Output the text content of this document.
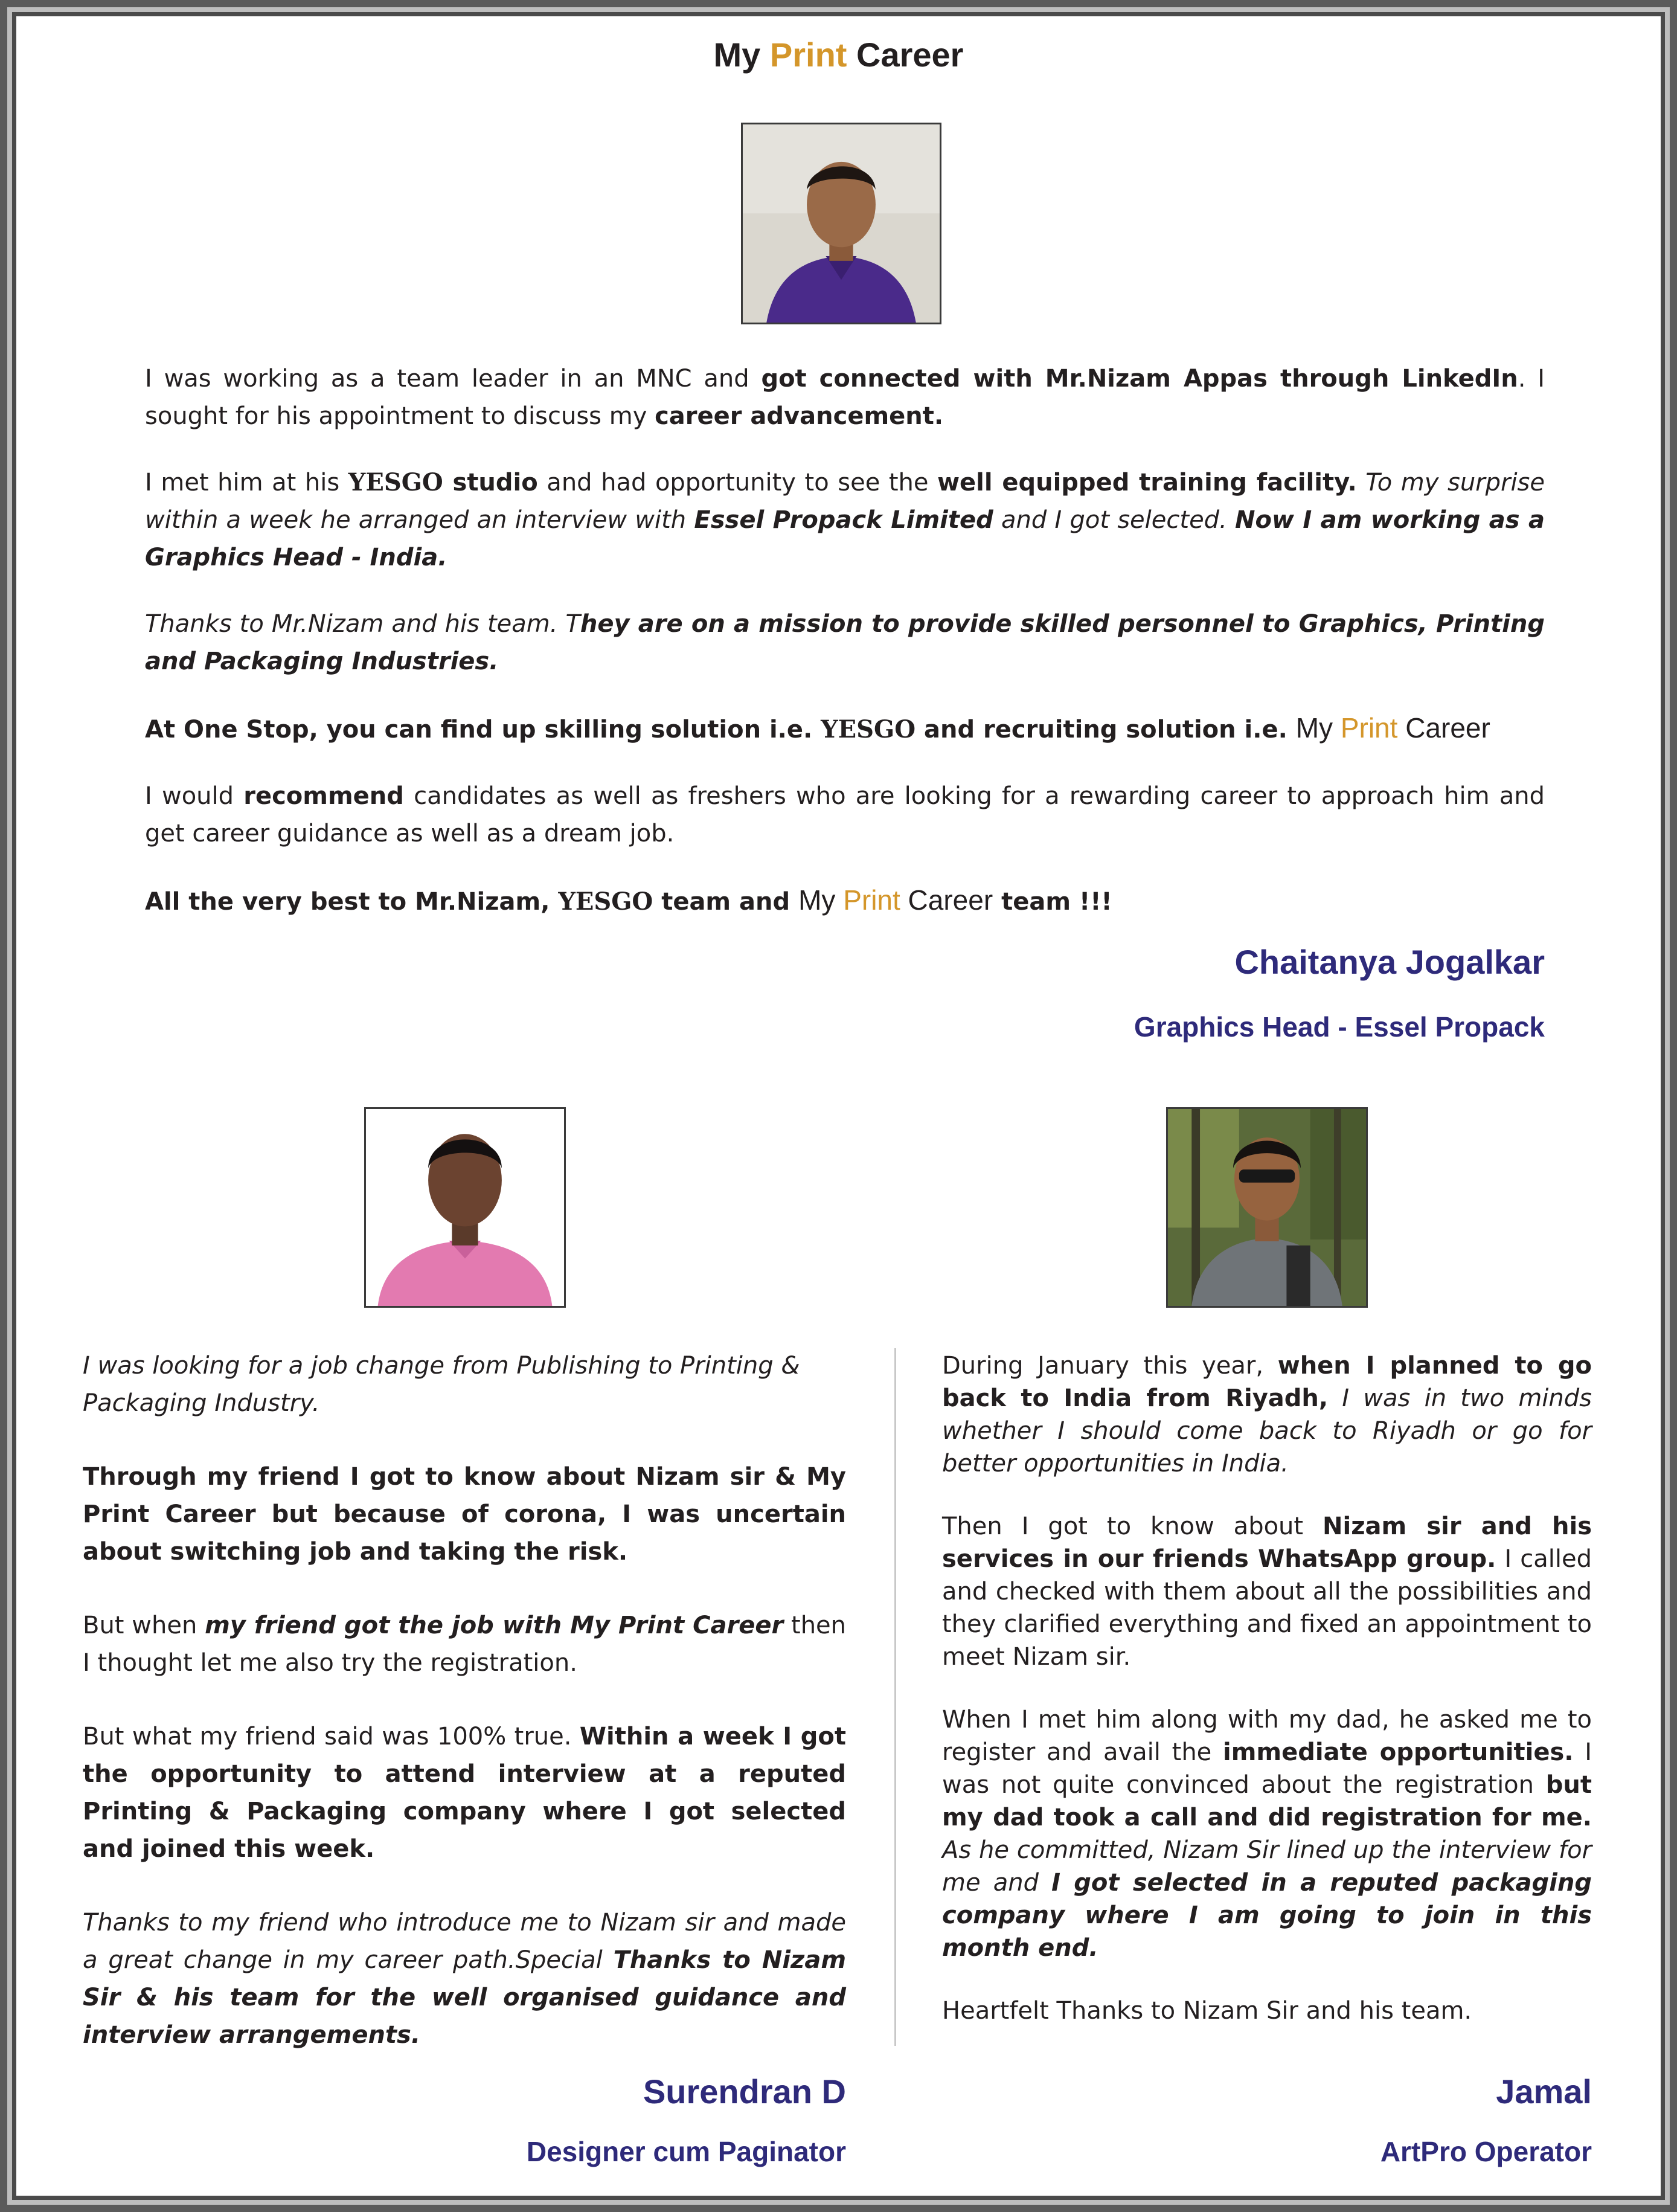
My Print Career

I was working as a team leader in an MNC and got connected with Mr.Nizam Appas through LinkedIn. I sought for his appointment to discuss my career advancement.

I met him at his YESGO studio and had opportunity to see the well equipped training facility. To my surprise within a week he arranged an interview with Essel Propack Limited and I got selected. Now I am working as a Graphics Head - India.

Thanks to Mr.Nizam and his team. They are on a mission to provide skilled personnel to Graphics, Printing and Packaging Industries.

At One Stop, you can find up skilling solution i.e. YESGO and recruiting solution i.e. My Print Career

I would recommend candidates as well as freshers who are looking for a rewarding career to approach him and get career guidance as well as a dream job.

All the very best to Mr.Nizam, YESGO team and My Print Career team !!!

Chaitanya Jogalkar
Graphics Head - Essel Propack

I was looking for a job change from Publishing to Printing & Packaging Industry.

Through my friend I got to know about Nizam sir & My Print Career but because of corona, I was uncertain about switching job and taking the risk.

But when my friend got the job with My Print Career then I thought let me also try the registration.

But what my friend said was 100% true. Within a week I got the opportunity to attend interview at a reputed Printing & Packaging company where I got selected and joined this week.

Thanks to my friend who introduce me to Nizam sir and made a great change in my career path.Special Thanks to Nizam Sir & his team for the well organised guidance and interview arrangements.

Surendran D
Designer cum Paginator

During January this year, when I planned to go back to India from Riyadh, I was in two minds whether I should come back to Riyadh or go for better opportunities in India.

Then I got to know about Nizam sir and his services in our friends WhatsApp group. I called and checked with them about all the possibilities and they clarified everything and fixed an appointment to meet Nizam sir.

When I met him along with my dad, he asked me to register and avail the immediate opportunities. I was not quite convinced about the registration but my dad took a call and did registration for me. As he committed, Nizam Sir lined up the interview for me and I got selected in a reputed packaging company where I am going to join in this month end.

Heartfelt Thanks to Nizam Sir and his team.

Jamal
ArtPro Operator
